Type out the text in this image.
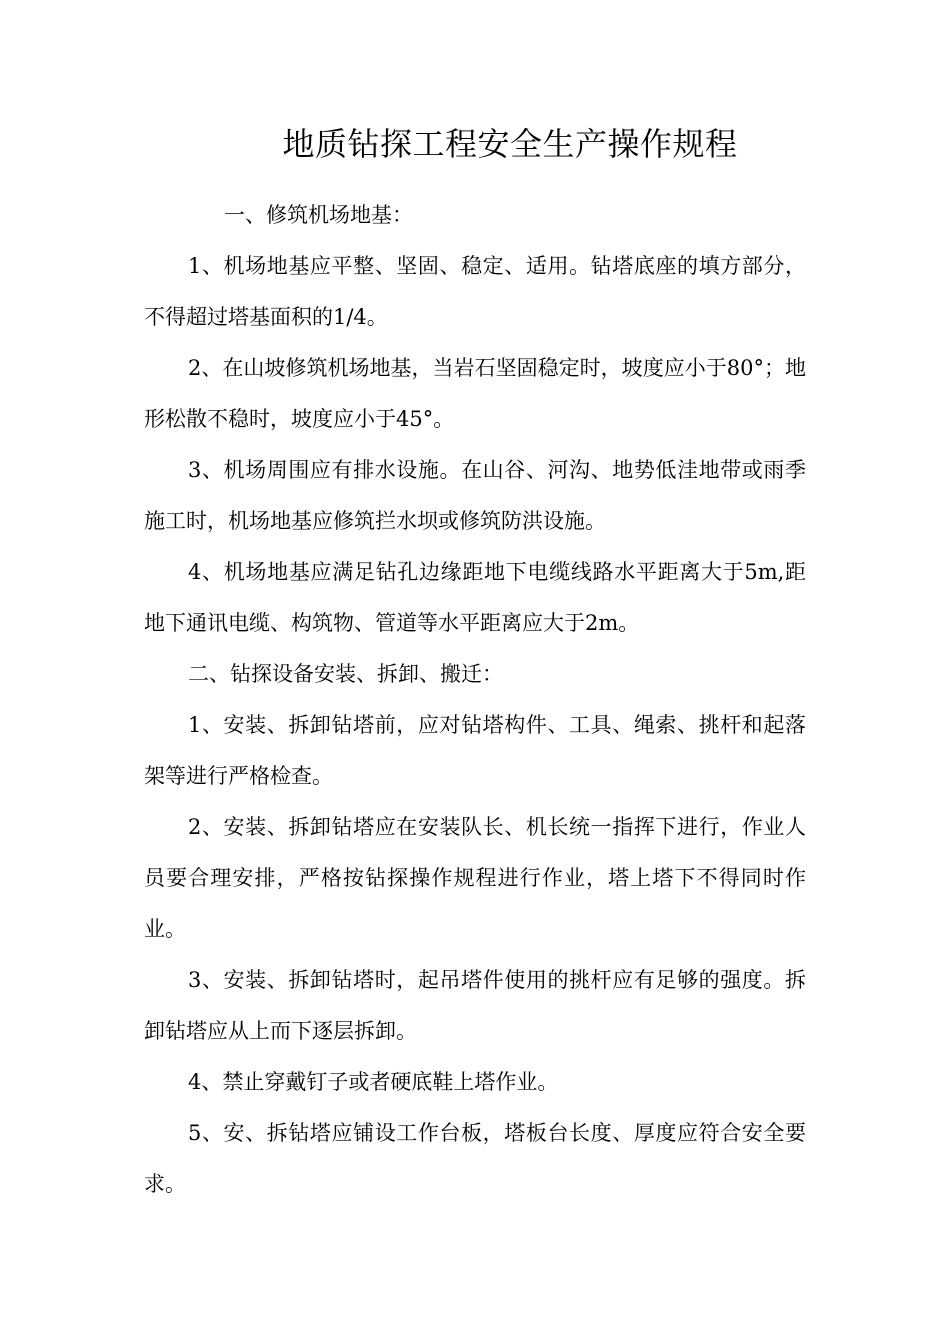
地质钻探工程安全生产操作规程

一、修筑机场地基：

1、机场地基应平整、坚固、稳定、适用。钻塔底座的填方部分，不得超过塔基面积的1/4。

2、在山坡修筑机场地基，当岩石坚固稳定时，坡度应小于80°；地形松散不稳时，坡度应小于45°。

3、机场周围应有排水设施。在山谷、河沟、地势低洼地带或雨季施工时，机场地基应修筑拦水坝或修筑防洪设施。

4、机场地基应满足钻孔边缘距地下电缆线路水平距离大于5m,距地下通讯电缆、构筑物、管道等水平距离应大于2m。

二、钻探设备安装、拆卸、搬迁：

1、安装、拆卸钻塔前，应对钻塔构件、工具、绳索、挑杆和起落架等进行严格检查。

2、安装、拆卸钻塔应在安装队长、机长统一指挥下进行，作业人员要合理安排，严格按钻探操作规程进行作业，塔上塔下不得同时作业。

3、安装、拆卸钻塔时，起吊塔件使用的挑杆应有足够的强度。拆卸钻塔应从上而下逐层拆卸。

4、禁止穿戴钉子或者硬底鞋上塔作业。

5、安、拆钻塔应铺设工作台板，塔板台长度、厚度应符合安全要求。
